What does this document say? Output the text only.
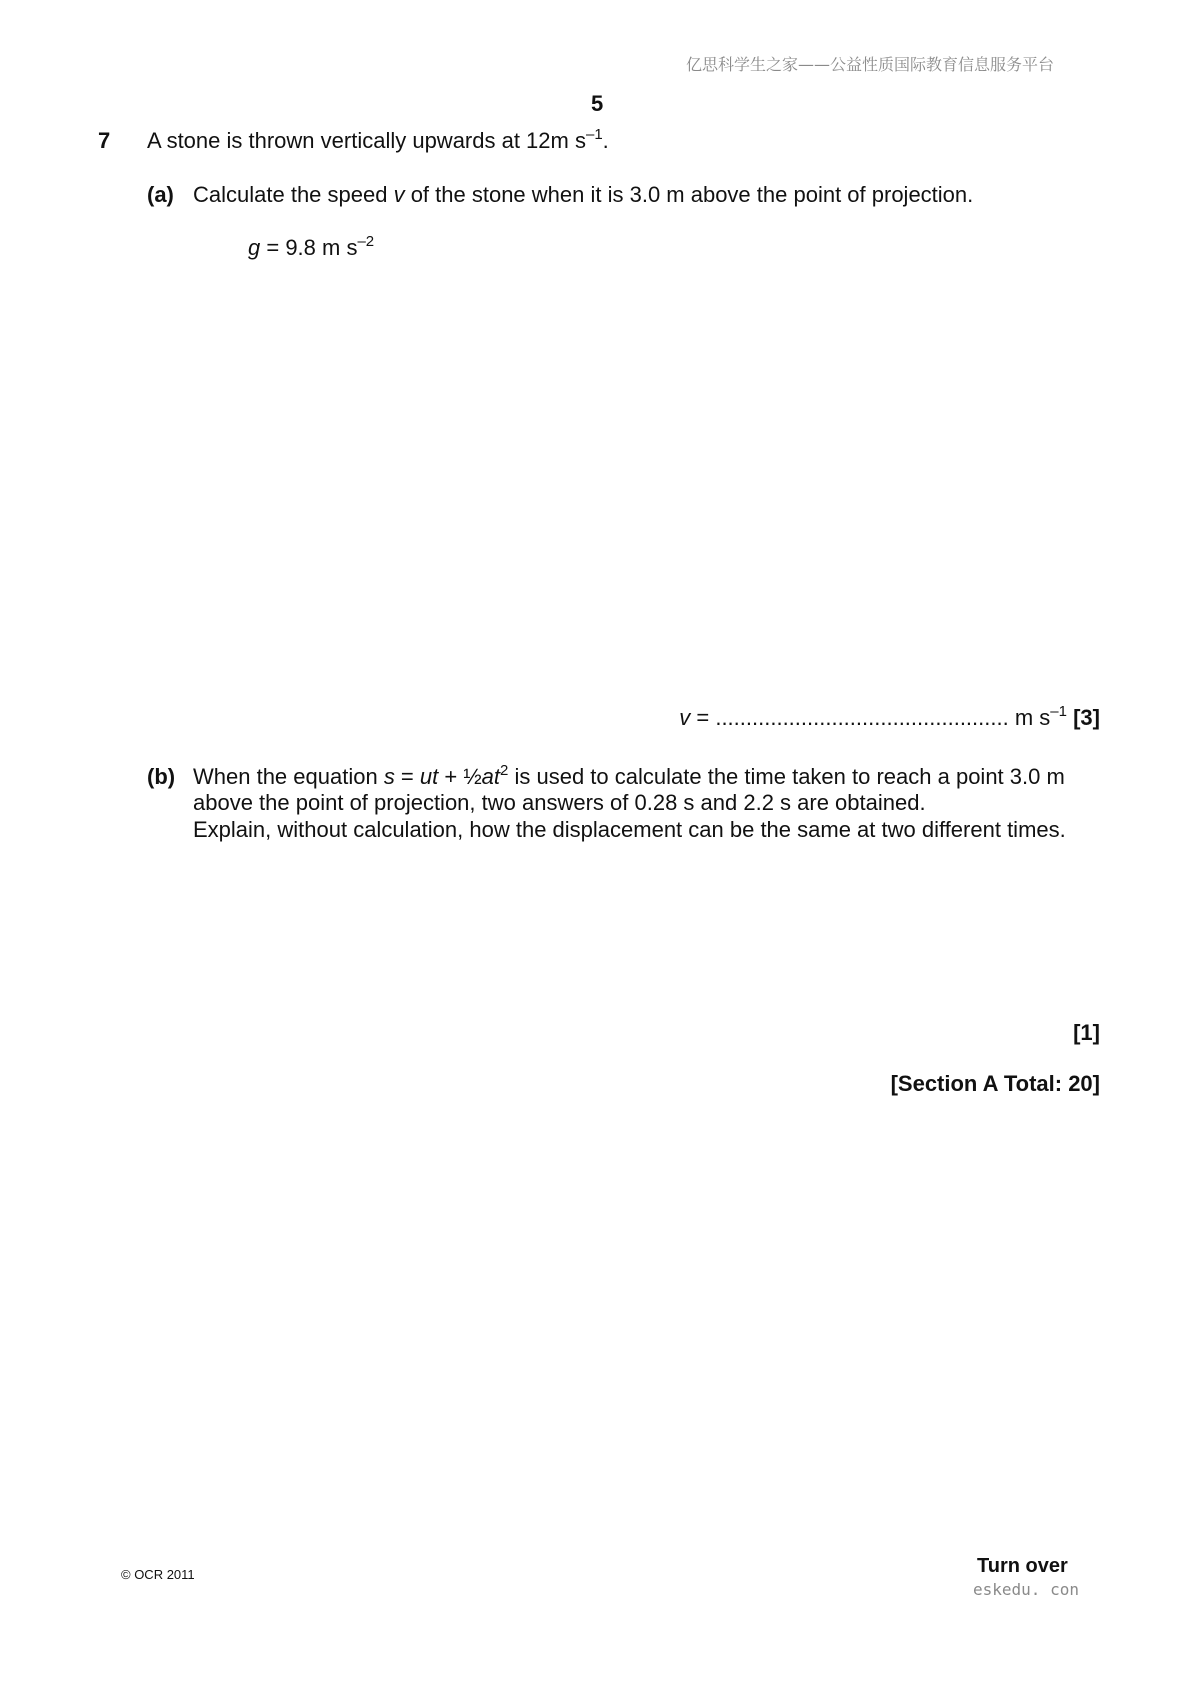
亿思科学生之家——公益性质国际教育信息服务平台
5
7 A stone is thrown vertically upwards at 12m $s^{-1}$.
(a) Calculate the speed v of the stone when it is 3.0 m above the point of projection.
g = 9.8 m $s^{-2}$
v = ................................................ m $s^{-1}$ [3]
(b) When the equation s = ut + $\frac{1}{2}at^2$ is used to calculate the time taken to reach a point 3.0 m
above the point of projection, two answers of 0.28 s and 2.2 s are obtained.
Explain, without calculation, how the displacement can be the same at two different times.
[1]
[Section A Total: 20]
© OCR 2011	Turn over
eskedu. con
